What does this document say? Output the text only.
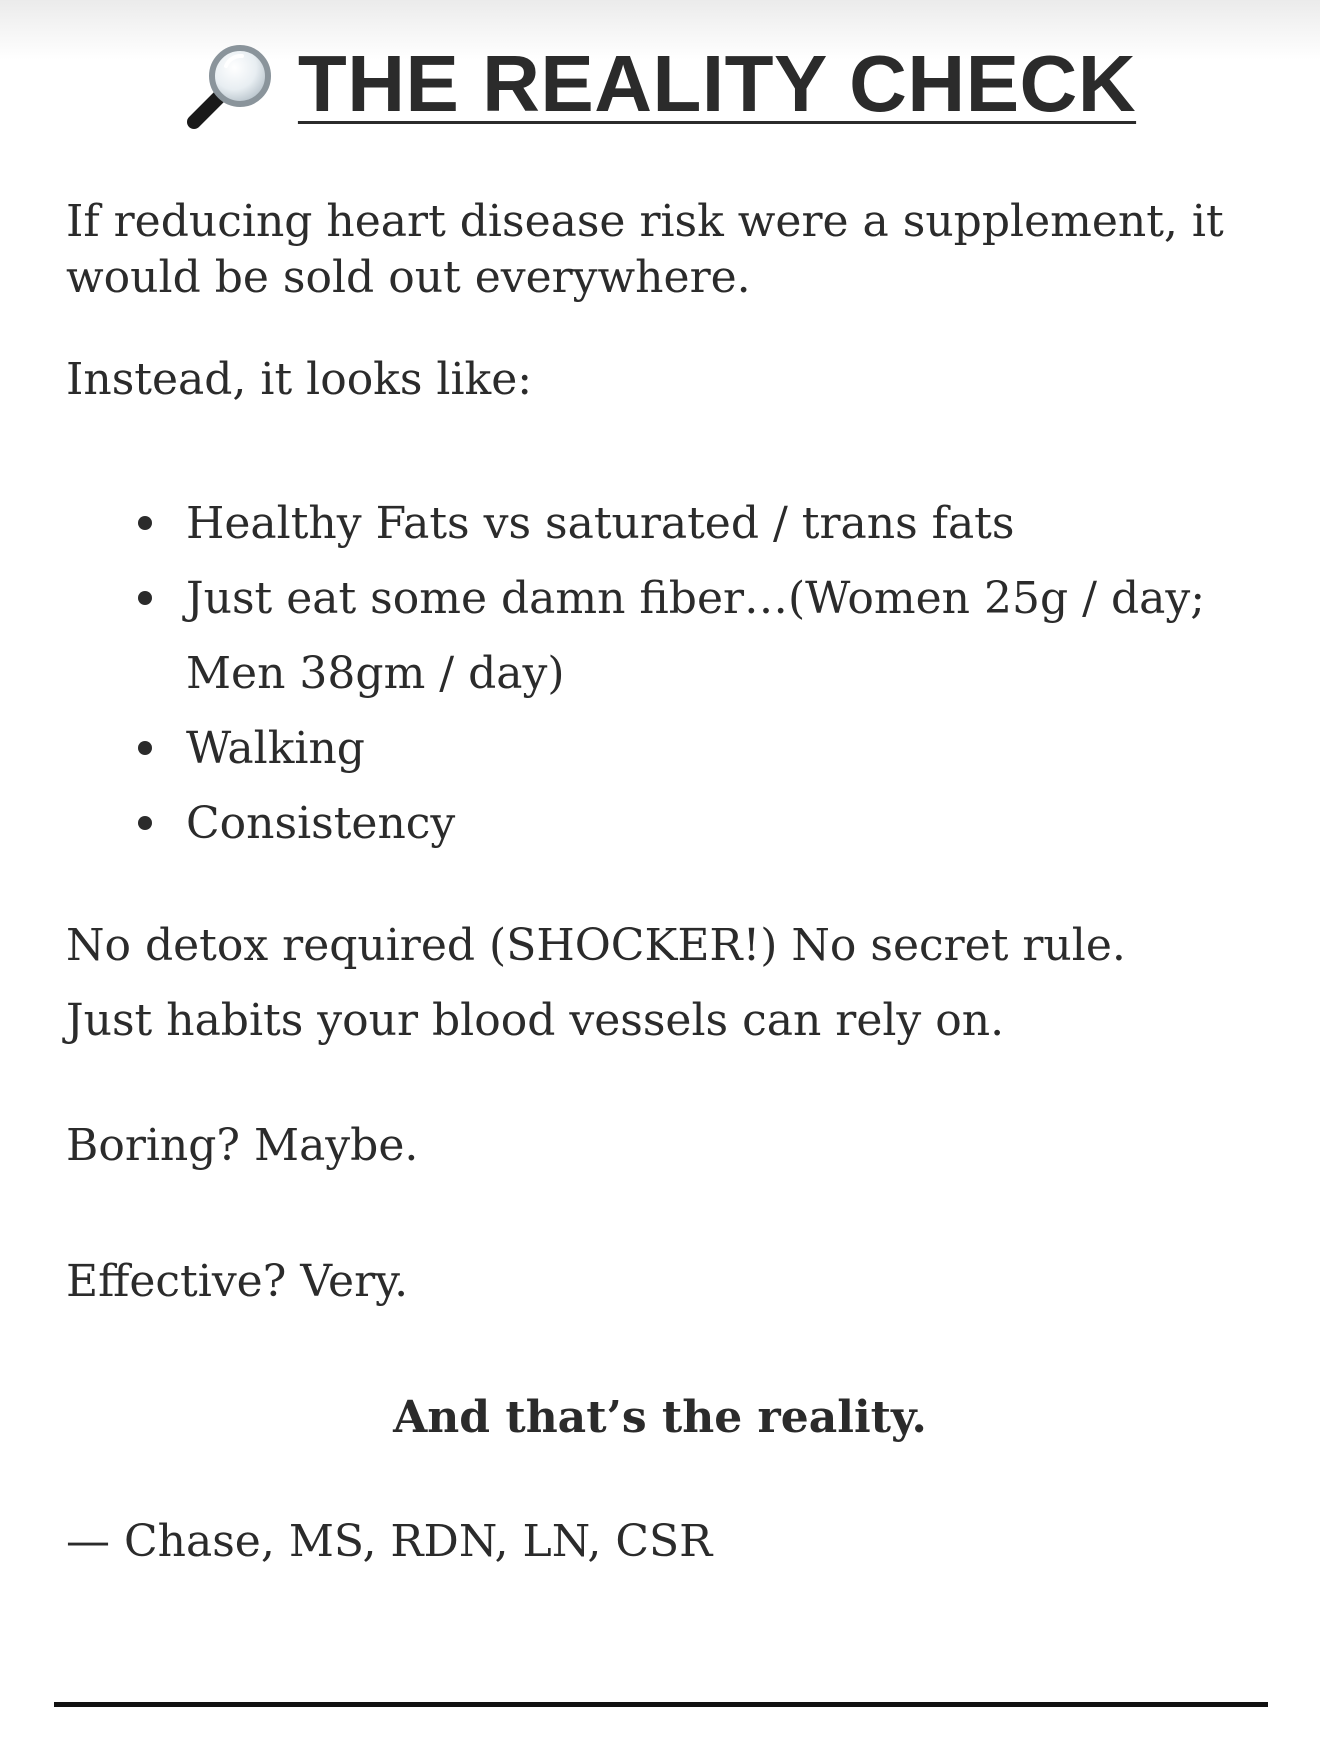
THE REALITY CHECK

If reducing heart disease risk were a supplement, it would be sold out everywhere.

Instead, it looks like:

Healthy Fats vs saturated / trans fats
Just eat some damn fiber…(Women 25g / day; Men 38gm / day)
Walking
Consistency
No detox required (SHOCKER!) No secret rule.
Just habits your blood vessels can rely on.

Boring? Maybe.

Effective? Very.

And that’s the reality.

— Chase, MS, RDN, LN, CSR
